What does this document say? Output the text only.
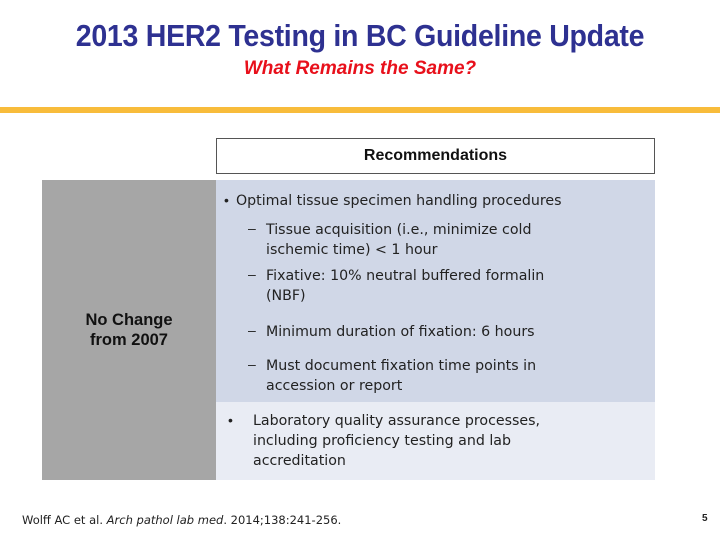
2013 HER2 Testing in BC Guideline Update
What Remains the Same?
Recommendations
No Change
from 2007
• Optimal tissue specimen handling procedures
– Tissue acquisition (i.e., minimize cold
ischemic time) < 1 hour
– Fixative: 10% neutral buffered formalin
(NBF)
– Minimum duration of fixation: 6 hours
– Must document fixation time points in
accession or report
• Laboratory quality assurance processes,
including proficiency testing and lab
accreditation
Wolff AC et al. Arch pathol lab med. 2014;138:241-256.	5
